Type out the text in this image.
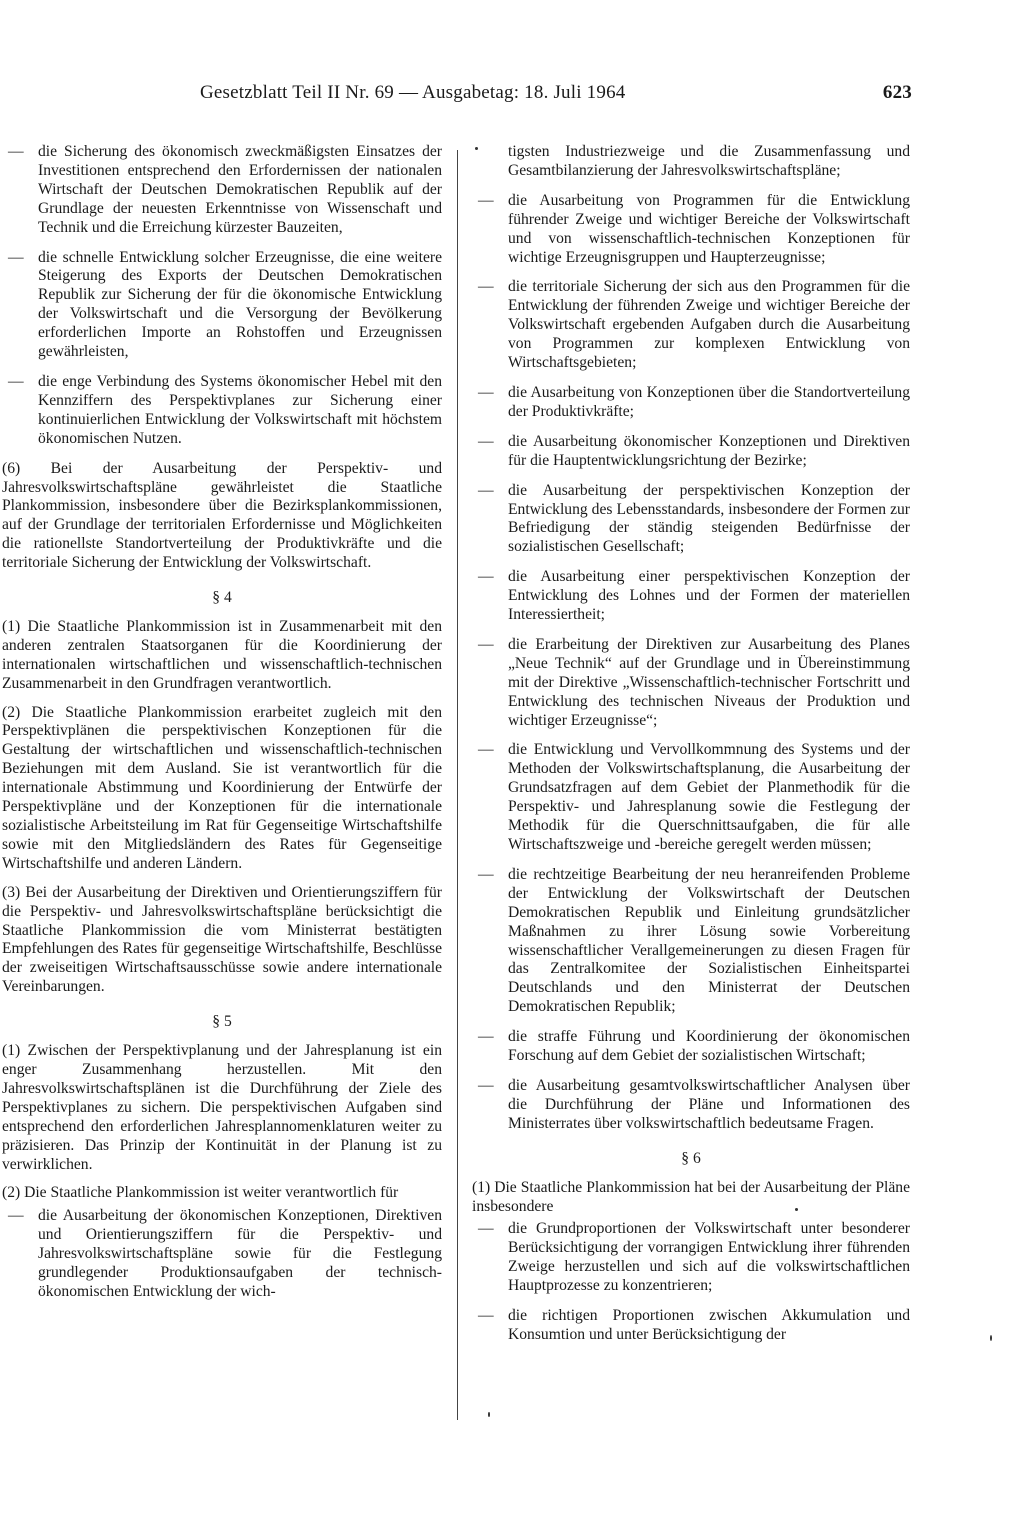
Gesetzblatt Teil II Nr. 69 — Ausgabetag: 18. Juli 1964	623
— die Sicherung des ökonomisch zweckmäßigsten Einsatzes der Investitionen entsprechend den Erfordernissen der nationalen Wirtschaft der Deutschen Demokratischen Republik auf der Grundlage der neuesten Erkenntnisse von Wissenschaft und Technik und die Erreichung kürzester Bauzeiten,
— die schnelle Entwicklung solcher Erzeugnisse, die eine weitere Steigerung des Exports der Deutschen Demokratischen Republik zur Sicherung der für die ökonomische Entwicklung der Volkswirtschaft und die Versorgung der Bevölkerung erforderlichen Importe an Rohstoffen und Erzeugnissen gewährleisten,
— die enge Verbindung des Systems ökonomischer Hebel mit den Kennziffern des Perspektivplanes zur Sicherung einer kontinuierlichen Entwicklung der Volkswirtschaft mit höchstem ökonomischen Nutzen.

(6) Bei der Ausarbeitung der Perspektiv- und Jahresvolkswirtschaftspläne gewährleistet die Staatliche Plankommission, insbesondere über die Bezirksplankommissionen, auf der Grundlage der territorialen Erfordernisse und Möglichkeiten die rationellste Standortverteilung der Produktivkräfte und die territoriale Sicherung der Entwicklung der Volkswirtschaft.

§ 4

(1) Die Staatliche Plankommission ist in Zusammenarbeit mit den anderen zentralen Staatsorganen für die Koordinierung der internationalen wirtschaftlichen und wissenschaftlich-technischen Zusammenarbeit in den Grundfragen verantwortlich.

(2) Die Staatliche Plankommission erarbeitet zugleich mit den Perspektivplänen die perspektivischen Konzeptionen für die Gestaltung der wirtschaftlichen und wissenschaftlich-technischen Beziehungen mit dem Ausland. Sie ist verantwortlich für die internationale Abstimmung und Koordinierung der Entwürfe der Perspektivpläne und der Konzeptionen für die internationale sozialistische Arbeitsteilung im Rat für Gegenseitige Wirtschaftshilfe sowie mit den Mitgliedsländern des Rates für Gegenseitige Wirtschaftshilfe und anderen Ländern.

(3) Bei der Ausarbeitung der Direktiven und Orientierungsziffern für die Perspektiv- und Jahresvolkswirtschaftspläne berücksichtigt die Staatliche Plankommission die vom Ministerrat bestätigten Empfehlungen des Rates für gegenseitige Wirtschaftshilfe, Beschlüsse der zweiseitigen Wirtschaftsausschüsse sowie andere internationale Vereinbarungen.

§ 5

(1) Zwischen der Perspektivplanung und der Jahresplanung ist ein enger Zusammenhang herzustellen. Mit den Jahresvolkswirtschaftsplänen ist die Durchführung der Ziele des Perspektivplanes zu sichern. Die perspektivischen Aufgaben sind entsprechend den erforderlichen Jahresplannomenklaturen weiter zu präzisieren. Das Prinzip der Kontinuität in der Planung ist zu verwirklichen.

(2) Die Staatliche Plankommission ist weiter verantwortlich für

— die Ausarbeitung der ökonomischen Konzeptionen, Direktiven und Orientierungsziffern für die Perspektiv- und Jahresvolkswirtschaftspläne sowie für die Festlegung grundlegender Produktionsaufgaben der technisch-ökonomischen Entwicklung der wich-
tigsten Industriezweige und die Zusammenfassung und Gesamtbilanzierung der Jahresvolkswirtschaftspläne;
— die Ausarbeitung von Programmen für die Entwicklung führender Zweige und wichtiger Bereiche der Volkswirtschaft und von wissenschaftlich-technischen Konzeptionen für wichtige Erzeugnisgruppen und Haupterzeugnisse;
— die territoriale Sicherung der sich aus den Programmen für die Entwicklung der führenden Zweige und wichtiger Bereiche der Volkswirtschaft ergebenden Aufgaben durch die Ausarbeitung von Programmen zur komplexen Entwicklung von Wirtschaftsgebieten;
— die Ausarbeitung von Konzeptionen über die Standortverteilung der Produktivkräfte;
— die Ausarbeitung ökonomischer Konzeptionen und Direktiven für die Hauptentwicklungsrichtung der Bezirke;
— die Ausarbeitung der perspektivischen Konzeption der Entwicklung des Lebensstandards, insbesondere der Formen zur Befriedigung der ständig steigenden Bedürfnisse der sozialistischen Gesellschaft;
— die Ausarbeitung einer perspektivischen Konzeption der Entwicklung des Lohnes und der Formen der materiellen Interessiertheit;
— die Erarbeitung der Direktiven zur Ausarbeitung des Planes „Neue Technik“ auf der Grundlage und in Übereinstimmung mit der Direktive „Wissenschaftlich-technischer Fortschritt und Entwicklung des technischen Niveaus der Produktion und wichtiger Erzeugnisse“;
— die Entwicklung und Vervollkommnung des Systems und der Methoden der Volkswirtschaftsplanung, die Ausarbeitung der Grundsatzfragen auf dem Gebiet der Planmethodik für die Perspektiv- und Jahresplanung sowie die Festlegung der Methodik für die Querschnittsaufgaben, die für alle Wirtschaftszweige und -bereiche geregelt werden müssen;
— die rechtzeitige Bearbeitung der neu heranreifenden Probleme der Entwicklung der Volkswirtschaft der Deutschen Demokratischen Republik und Einleitung grundsätzlicher Maßnahmen zu ihrer Lösung sowie Vorbereitung wissenschaftlicher Verallgemeinerungen zu diesen Fragen für das Zentralkomitee der Sozialistischen Einheitspartei Deutschlands und den Ministerrat der Deutschen Demokratischen Republik;
— die straffe Führung und Koordinierung der ökonomischen Forschung auf dem Gebiet der sozialistischen Wirtschaft;
— die Ausarbeitung gesamtvolkswirtschaftlicher Analysen über die Durchführung der Pläne und Informationen des Ministerrates über volkswirtschaftlich bedeutsame Fragen.
§ 6

(1) Die Staatliche Plankommission hat bei der Ausarbeitung der Pläne insbesondere

— die Grundproportionen der Volkswirtschaft unter besonderer Berücksichtigung der vorrangigen Entwicklung ihrer führenden Zweige herzustellen und sich auf die volkswirtschaftlichen Hauptprozesse zu konzentrieren;
— die richtigen Proportionen zwischen Akkumulation und Konsumtion und unter Berücksichtigung der
